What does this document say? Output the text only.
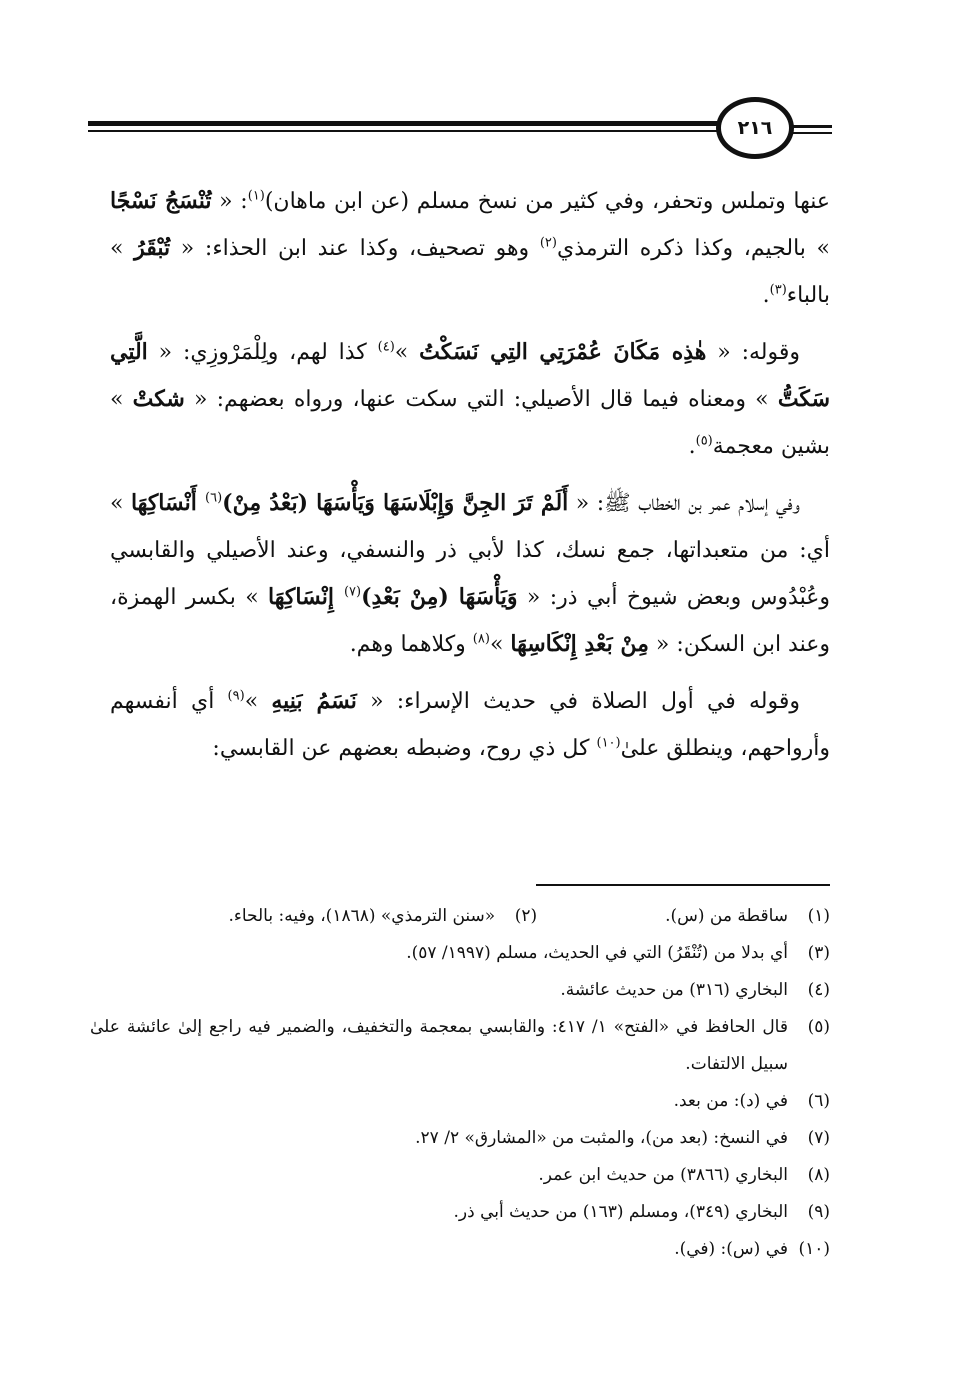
٢١٦

عنها وتملس وتحفر، وفي كثير من نسخ مسلم (عن ابن ماهان)$^{(١)}$: « تُنْسَجُ نَسْجًا » بالجيم، وكذا ذكره الترمذي$^{(٢)}$ وهو تصحيف، وكذا عند ابن الحذاء: « تُبْقَرُ » بالباء$^{(٣)}$.

وقوله: « هٰذِه مَكَانَ عُمْرَتِي التِي نَسَكْتُ »$^{(٤)}$ كذا لهم، ولِلْمَرْوزِي: « الَّتِي سَكَتُّ » ومعناه فيما قال الأصيلي: التي سكت عنها، ورواه بعضهم: « شكتْ » بشين معجمة$^{(٥)}$.

وفي إسلام عمر بن الخطاب ﷺ: « أَلَمْ تَرَ الجِنَّ وَإِبْلَاسَهَا وَيَأْسَهَا (بَعْدُ مِنْ)$^{(٦)}$ أَنْسَاكِهَا » أي: من متعبداتها، جمع نسك، كذا لأبي ذر والنسفي، وعند الأصيلي والقابسي وعُبْدُوس وبعض شيوخ أبي ذر: « وَيَأْسَهَا (مِنْ بَعْدِ)$^{(٧)}$ إِنْسَاكِهَا » بكسر الهمزة، وعند ابن السكن: « مِنْ بَعْدِ إِنْكَاسِهَا »$^{(٨)}$ وكلاهما وهم.

وقوله في أول الصلاة في حديث الإسراء: « نَسَمُ بَنِيهِ »$^{(٩)}$ أي أنفسهم وأرواحهم، وينطلق علىٰ$^{(١٠)}$ كل ذي روح، وضبطه بعضهم عن القابسي:

(١)
ساقطة من (س).
(٢)
«سنن الترمذي» (١٨٦٨)، وفيه: بالحاء.
(٣)
أي بدلا من (تُنْقَرُ) التي في الحديث، مسلم (١٩٩٧/ ٥٧).
(٤)
البخاري (٣١٦) من حديث عائشة.
(٥)
قال الحافظ في «الفتح» ١/ ٤١٧: والقابسي بمعجمة والتخفيف، والضمير فيه راجع إلىٰ عائشة علىٰ سبيل الالتفات.
(٦)
في (د): من بعد.
(٧)
في النسخ: (بعد من)، والمثبت من «المشارق» ٢/ ٢٧.
(٨)
البخاري (٣٨٦٦) من حديث ابن عمر.
(٩)
البخاري (٣٤٩)، ومسلم (١٦٣) من حديث أبي ذر.
(١٠)
في (س): (في).
